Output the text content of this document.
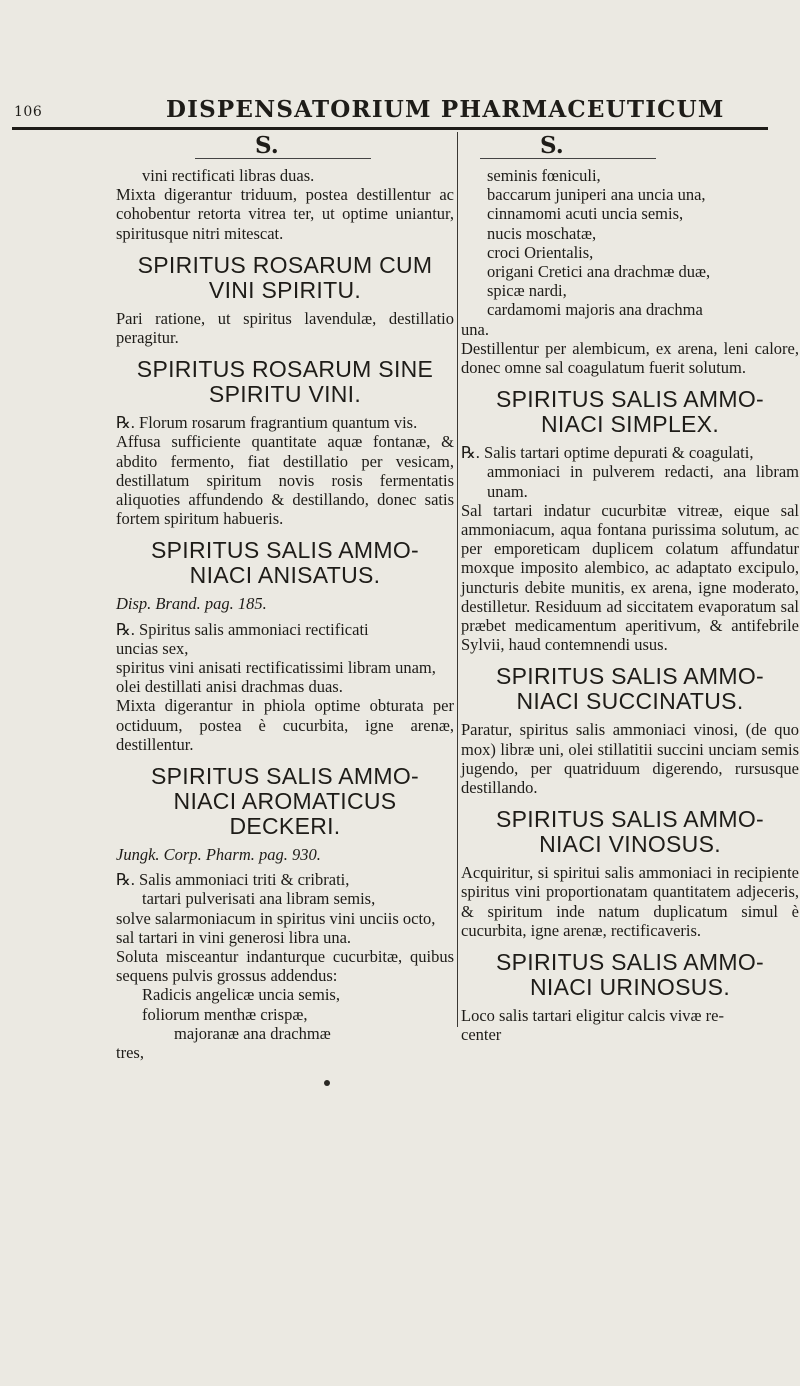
106	DISPENSATORIUM PHARMACEUTICUM
S.	S.

vini rectificati libras duas.

Mixta digerantur triduum, postea destillentur ac cohobentur retorta vitrea ter, ut optime uniantur, spiritusque nitri mitescat.

SPIRITUS ROSARUM CUM
VINI SPIRITU.

Pari ratione, ut spiritus lavendulæ, destillatio peragitur.

SPIRITUS ROSARUM SINE
SPIRITU VINI.

℞. Florum rosarum fragrantium quantum vis.

Affusa sufficiente quantitate aquæ fontanæ, & abdito fermento, fiat destillatio per vesicam, destillatum spiritum novis rosis fermentatis aliquoties affundendo & destillando, donec satis fortem spiritum habueris.

SPIRITUS SALIS AMMO-
NIACI ANISATUS.

Disp. Brand. pag. 185.

℞. Spiritus salis ammoniaci rectificati

uncias sex,

spiritus vini anisati rectificatissimi libram unam,

olei destillati anisi drachmas duas.

Mixta digerantur in phiola optime obturata per octiduum, postea è cucurbita, igne arenæ, destillentur.

SPIRITUS SALIS AMMO-
NIACI AROMATICUS
DECKERI.

Jungk. Corp. Pharm. pag. 930.

℞. Salis ammoniaci triti & cribrati,

tartari pulverisati ana libram semis,

solve salarmoniacum in spiritus vini unciis octo,

sal tartari in vini generosi libra una.

Soluta misceantur indanturque cucurbitæ, quibus sequens pulvis grossus addendus:

Radicis angelicæ uncia semis,

foliorum menthæ crispæ,

majoranæ ana drachmæ

tres,

seminis fœniculi,

baccarum juniperi ana uncia una,

cinnamomi acuti uncia semis,

nucis moschatæ,

croci Orientalis,

origani Cretici ana drachmæ duæ,

spicæ nardi,

cardamomi majoris ana drachma

una.

Destillentur per alembicum, ex arena, leni calore, donec omne sal coagulatum fuerit solutum.

SPIRITUS SALIS AMMO-
NIACI SIMPLEX.

℞. Salis tartari optime depurati & coagulati,

ammoniaci in pulverem redacti, ana libram unam.

Sal tartari indatur cucurbitæ vitreæ, eique sal ammoniacum, aqua fontana purissima solutum, ac per emporeticam duplicem colatum affundatur moxque imposito alembico, ac adaptato excipulo, juncturis debite munitis, ex arena, igne moderato, destilletur. Residuum ad siccitatem evaporatum sal præbet medicamentum aperitivum, & antifebrile Sylvii, haud contemnendi usus.

SPIRITUS SALIS AMMO-
NIACI SUCCINATUS.

Paratur, spiritus salis ammoniaci vinosi, (de quo mox) libræ uni, olei stillatitii succini unciam semis jugendo, per quatriduum digerendo, rursusque destillando.

SPIRITUS SALIS AMMO-
NIACI VINOSUS.

Acquiritur, si spiritui salis ammoniaci in recipiente spiritus vini proportionatam quantitatem adjeceris, & spiritum inde natum duplicatum simul è cucurbita, igne arenæ, rectificaveris.

SPIRITUS SALIS AMMO-
NIACI URINOSUS.

Loco salis tartari eligitur calcis vivæ re-

center
